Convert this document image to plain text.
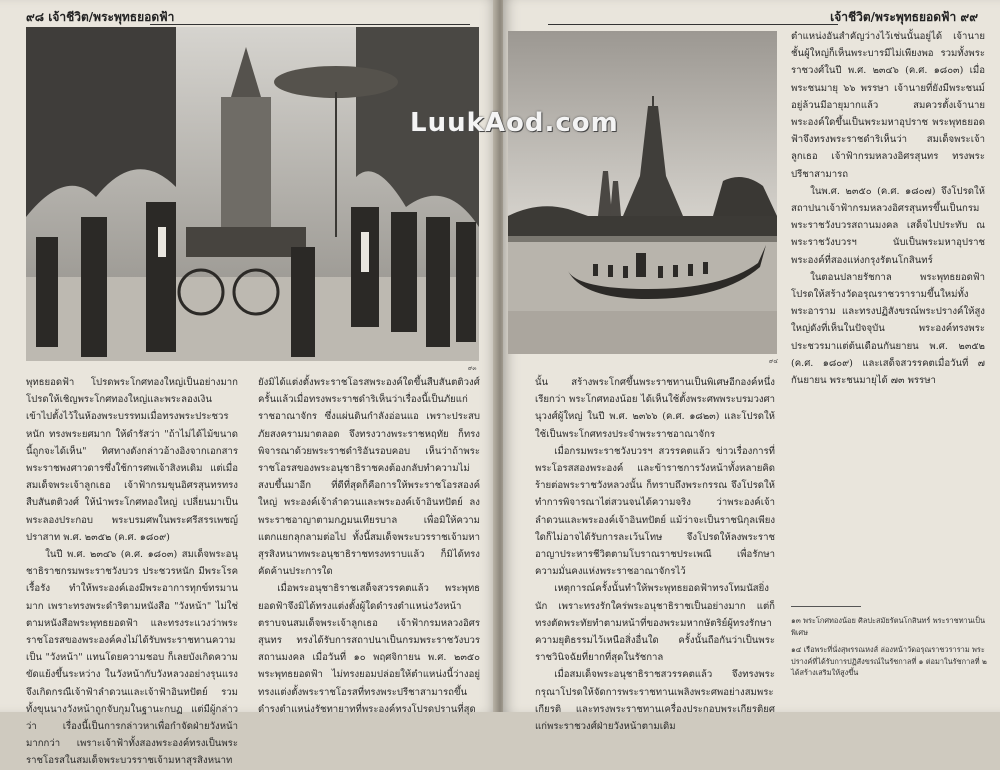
๙๘ เจ้าชีวิต/พระพุทธยอดฟ้า
๙๓

พุทธยอดฟ้า โปรดพระโกศทองใหญ่เป็นอย่างมาก โปรดให้เชิญพระโกศทองใหญ่และพระลองเงิน เข้าไปตั้งไว้ในห้องพระบรรทมเมื่อทรงพระประชวรหนัก ทรงพระยศมาก ให้ดำรัสว่า "ถ้าไม่ได้ไม้ขนาดนี้ถูกจะได้เห็น" ทิศทางดังกล่าวอ้างอิงจากเอกสารพระราชพงศาวดารซึ่งใช้การศพเจ้าสิงหเดิม แต่เมื่อสมเด็จพระเจ้าลูกเธอ เจ้าฟ้ากรมขุนอิศรสุนทรทรงสืบสันตติวงศ์ ให้นำพระโกศทองใหญ่ เปลี่ยนมาเป็นพระลองประกอบ พระบรมศพในพระศรีสรรเพชญ์ปราสาท พ.ศ. ๒๓๕๒ (ค.ศ. ๑๘๐๙)

ในปี พ.ศ. ๒๓๔๖ (ค.ศ. ๑๘๐๓) สมเด็จพระอนุชาธิราชกรมพระราชวังบวร ประชวรหนัก มีพระโรคเรื้อรัง ทำให้พระองค์เองมีพระอาการทุกข์ทรมานมาก เพราะทรงพระดำริตามหนังสือ "วังหน้า" ไม่ใช่ตามหนังสือพระพุทธยอดฟ้า และทรงระแวงว่าพระราชโอรสของพระองค์คงไม่ได้รับพระราชทานความเป็น "วังหน้า" แทนโดยความชอบ ก็เลยบังเกิดความขัดแย้งขึ้นระหว่าง ในวังหน้ากับวังหลวงอย่างรุนแรง จึงเกิดกรณีเจ้าฟ้าลำดวนและเจ้าฟ้าอินทปัตย์ รวมทั้งขุนนางวังหน้าถูกจับกุมในฐานะกบฏ แต่มีผู้กล่าวว่า เรื่องนี้เป็นการกล่าวหาเพื่อกำจัดฝ่ายวังหน้ามากกว่า เพราะเจ้าฟ้าทั้งสองพระองค์ทรงเป็นพระราชโอรสในสมเด็จพระบวรราชเจ้ามหาสุรสิงหนาท

ยังมิได้แต่งตั้งพระราชโอรสพระองค์ใดขึ้นสืบสันตติวงศ์ ครั้นแล้วเมื่อทรงพระราชดำริเห็นว่าเรื่องนี้เป็นภัยแก่ราชอาณาจักร ซึ่งแผ่นดินกำลังอ่อนแอ เพราะประสบภัยสงครามมาตลอด จึงทรงวางพระราชหฤทัย ก็ทรงพิจารณาด้วยพระราชดำริอันรอบคอบ เห็นว่าถ้าพระราชโอรสของพระอนุชาธิราชคงต้องกลับทำความไม่สงบขึ้นมาอีก ที่ดีที่สุดก็คือการให้พระราชโอรสองค์ใหญ่ พระองค์เจ้าลำดวนและพระองค์เจ้าอินทปัตย์ ลงพระราชอาญาตามกฎมนเทียรบาล เพื่อมิให้ความแตกแยกลุกลามต่อไป ทั้งนี้สมเด็จพระบวรราชเจ้ามหาสุรสิงหนาทพระอนุชาธิราชทรงทราบแล้ว ก็มิได้ทรงคัดค้านประการใด

เมื่อพระอนุชาธิราชเสด็จสวรรคตแล้ว พระพุทธยอดฟ้าจึงมิได้ทรงแต่งตั้งผู้ใดดำรงตำแหน่งวังหน้า ตราบจนสมเด็จพระเจ้าลูกเธอ เจ้าฟ้ากรมหลวงอิศรสุนทร ทรงได้รับการสถาปนาเป็นกรมพระราชวังบวรสถานมงคล เมื่อวันที่ ๑๐ พฤศจิกายน พ.ศ. ๒๓๕๐ พระพุทธยอดฟ้า ไม่ทรงยอมปล่อยให้ตำแหน่งนี้ว่างอยู่ ทรงแต่งตั้งพระราชโอรสที่ทรงพระปรีชาสามารถขึ้นดำรงตำแหน่งรัชทายาทที่พระองค์ทรงโปรดปรานที่สุด

เจ้าชีวิต/พระพุทธยอดฟ้า ๙๙
๙๔

ตำแหน่งอันสำคัญว่างไว้เช่นนั้นอยู่ได้ เจ้านายชั้นผู้ใหญ่ก็เห็นพระบารมีไม่เพียงพอ รวมทั้งพระราชวงศ์ในปี พ.ศ. ๒๓๔๖ (ค.ศ. ๑๘๐๓) เมื่อพระชนมายุ ๖๖ พรรษา เจ้านายที่ยังมีพระชนม์อยู่ล้วนมีอายุมากแล้ว สมควรตั้งเจ้านายพระองค์ใดขึ้นเป็นพระมหาอุปราช พระพุทธยอดฟ้าจึงทรงพระราชดำริเห็นว่า สมเด็จพระเจ้าลูกเธอ เจ้าฟ้ากรมหลวงอิศรสุนทร ทรงพระปรีชาสามารถ

ในพ.ศ. ๒๓๕๐ (ค.ศ. ๑๘๐๗) จึงโปรดให้สถาปนาเจ้าฟ้ากรมหลวงอิศรสุนทรขึ้นเป็นกรมพระราชวังบวรสถานมงคล เสด็จไปประทับ ณ พระราชวังบวรฯ นับเป็นพระมหาอุปราชพระองค์ที่สองแห่งกรุงรัตนโกสินทร์

ในตอนปลายรัชกาล พระพุทธยอดฟ้า โปรดให้สร้างวัดอรุณราชวรารามขึ้นใหม่ทั้งพระอาราม และทรงปฏิสังขรณ์พระปรางค์ให้สูงใหญ่ดังที่เห็นในปัจจุบัน พระองค์ทรงพระประชวรมาแต่ต้นเดือนกันยายน พ.ศ. ๒๓๕๒ (ค.ศ. ๑๘๐๙) และเสด็จสวรรคตเมื่อวันที่ ๗ กันยายน พระชนมายุได้ ๗๓ พรรษา

นั้น สร้างพระโกศขึ้นพระราชทานเป็นพิเศษอีกองค์หนึ่ง เรียกว่า พระโกศทองน้อย ได้เห็นใช้ตั้งพระศพพระบรมวงศานุวงศ์ผู้ใหญ่ ในปี พ.ศ. ๒๓๖๖ (ค.ศ. ๑๘๒๓) และโปรดให้ใช้เป็นพระโกศทรงประจำพระราชอาณาจักร

เมื่อกรมพระราชวังบวรฯ สวรรคตแล้ว ข่าวเรื่องการที่พระโอรสสองพระองค์ และข้าราชการวังหน้าทั้งหลายคิดร้ายต่อพระราชวังหลวงนั้น ก็ทราบถึงพระกรรณ จึงโปรดให้ทำการพิจารณาไต่สวนจนได้ความจริง ว่าพระองค์เจ้าลำดวนและพระองค์เจ้าอินทปัตย์ แม้ว่าจะเป็นราชนิกุลเพียงใดก็ไม่อาจได้รับการละเว้นโทษ จึงโปรดให้ลงพระราชอาญาประหารชีวิตตามโบราณราชประเพณี เพื่อรักษาความมั่นคงแห่งพระราชอาณาจักรไว้

เหตุการณ์ครั้งนั้นทำให้พระพุทธยอดฟ้าทรงโทมนัสยิ่งนัก เพราะทรงรักใคร่พระอนุชาธิราชเป็นอย่างมาก แต่ก็ทรงตัดพระทัยทำตามหน้าที่ของพระมหากษัตริย์ผู้ทรงรักษาความยุติธรรมไว้เหนือสิ่งอื่นใด ครั้งนั้นถือกันว่าเป็นพระราชวินิจฉัยที่ยากที่สุดในรัชกาล

เมื่อสมเด็จพระอนุชาธิราชสวรรคตแล้ว จึงทรงพระกรุณาโปรดให้จัดการพระราชทานเพลิงพระศพอย่างสมพระเกียรติ และทรงพระราชทานเครื่องประกอบพระเกียรติยศแก่พระราชวงศ์ฝ่ายวังหน้าตามเดิม

๑๓ พระโกศทองน้อย ศิลปะสมัยรัตนโกสินทร์ พระราชทานเป็นพิเศษ

๑๔ เรือพระที่นั่งสุพรรณหงส์ ล่องหน้าวัดอรุณราชวราราม พระปรางค์ที่ได้รับการปฏิสังขรณ์ในรัชกาลที่ ๑ ต่อมาในรัชกาลที่ ๒ ได้สร้างเสริมให้สูงขึ้น

LuukAod.com
